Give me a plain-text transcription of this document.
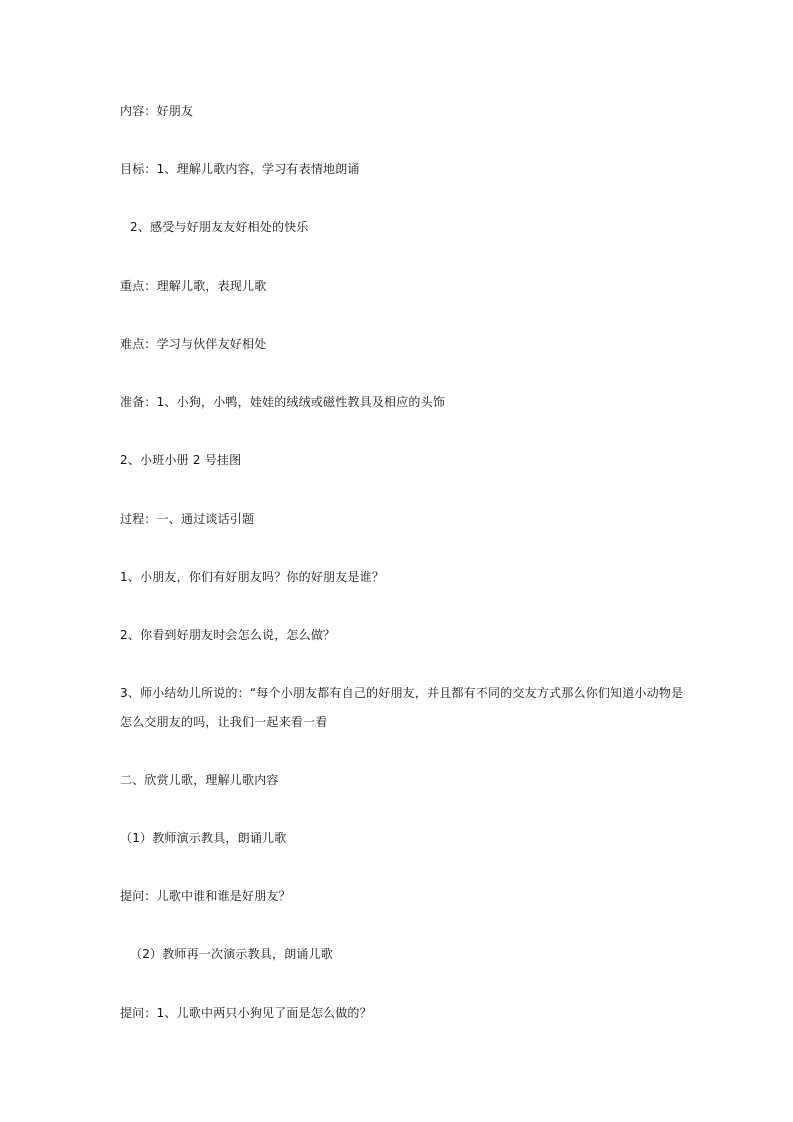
内容：好朋友
目标：1、理解儿歌内容，学习有表情地朗诵
2、感受与好朋友友好相处的快乐
重点：理解儿歌，表现儿歌
难点：学习与伙伴友好相处
准备：1、小狗，小鸭，娃娃的绒绒或磁性教具及相应的头饰
2、小班小册 2 号挂图
过程：一、通过谈话引题
1、小朋友，你们有好朋友吗？你的好朋友是谁？
2、你看到好朋友时会怎么说，怎么做？
3、师小结幼儿所说的：“每个小朋友都有自己的好朋友，并且都有不同的交友方式那么你们知道小动物是
怎么交朋友的吗，让我们一起来看一看
二、欣赏儿歌，理解儿歌内容
（1）教师演示教具，朗诵儿歌
提问：儿歌中谁和谁是好朋友？
（2）教师再一次演示教具，朗诵儿歌
提问：1、儿歌中两只小狗见了面是怎么做的？
